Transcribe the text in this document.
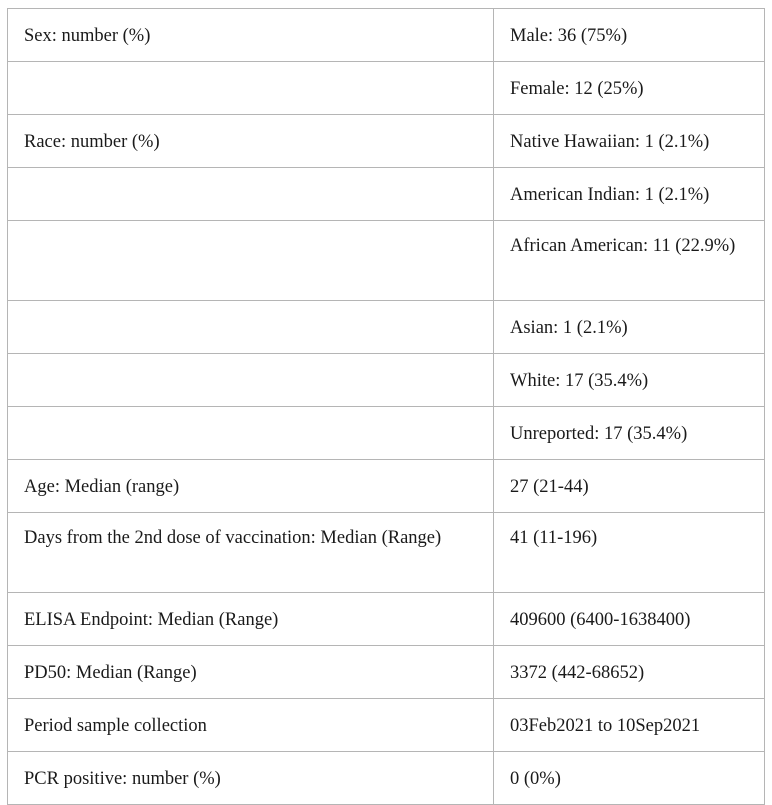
Sex: number (%)	Male: 36 (75%)
	Female: 12 (25%)
Race: number (%)	Native Hawaiian: 1 (2.1%)
	American Indian: 1 (2.1%)
	African American: 11 (22.9%)
	Asian: 1 (2.1%)
	White: 17 (35.4%)
	Unreported: 17 (35.4%)
Age: Median (range)	27 (21-44)
Days from the 2nd dose of vaccination: Median (Range)	41 (11-196)
ELISA Endpoint: Median (Range)	409600 (6400-1638400)
PD50: Median (Range)	3372 (442-68652)
Period sample collection	03Feb2021 to 10Sep2021
PCR positive: number (%)	0 (0%)
